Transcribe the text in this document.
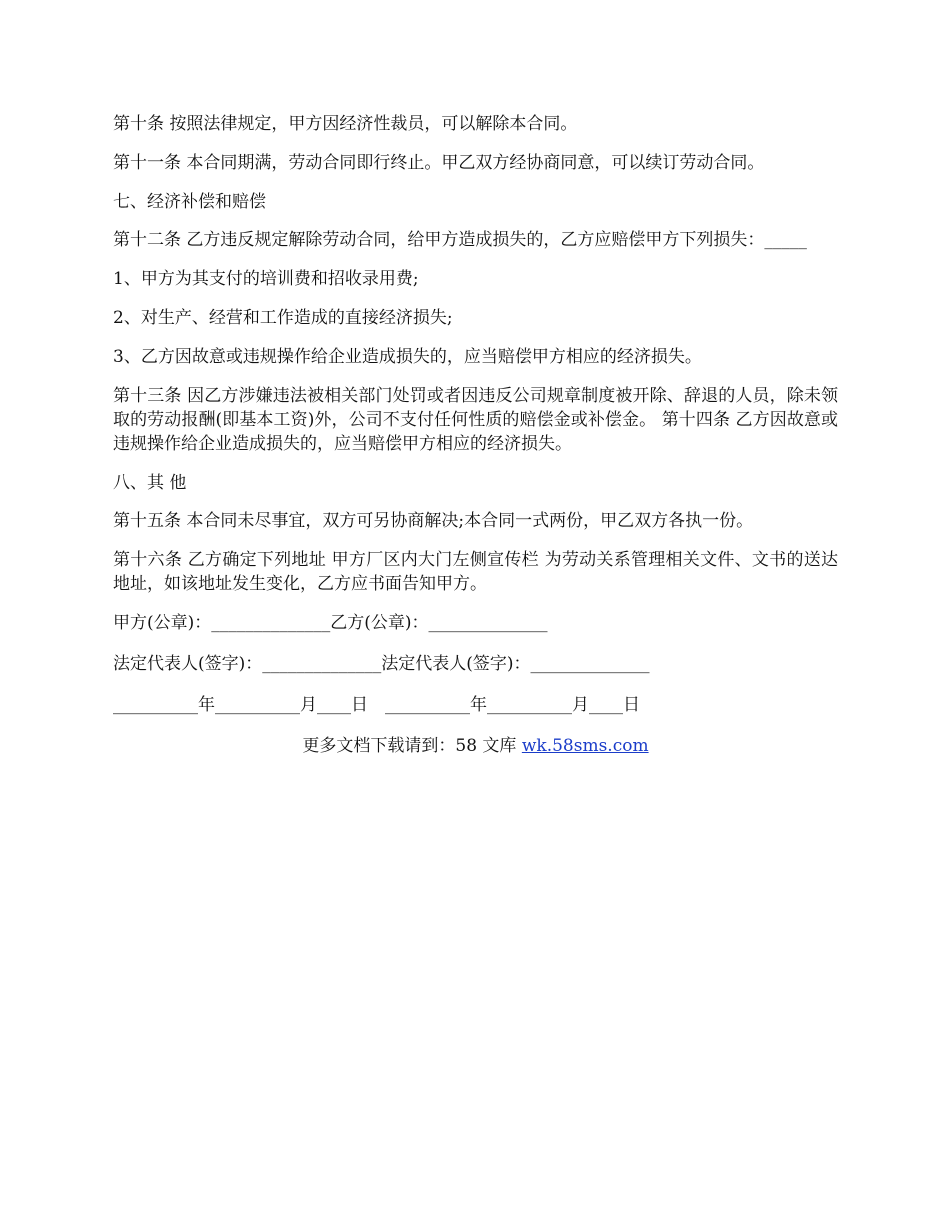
第十条 按照法律规定，甲方因经济性裁员，可以解除本合同。

第十一条 本合同期满，劳动合同即行终止。甲乙双方经协商同意，可以续订劳动合同。

七、经济补偿和赔偿

第十二条 乙方违反规定解除劳动合同，给甲方造成损失的，乙方应赔偿甲方下列损失：_____

1、甲方为其支付的培训费和招收录用费;

2、对生产、经营和工作造成的直接经济损失;

3、乙方因故意或违规操作给企业造成损失的，应当赔偿甲方相应的经济损失。

第十三条 因乙方涉嫌违法被相关部门处罚或者因违反公司规章制度被开除、辞退的人员，除未领取的劳动报酬(即基本工资)外，公司不支付任何性质的赔偿金或补偿金。 第十四条 乙方因故意或违规操作给企业造成损失的，应当赔偿甲方相应的经济损失。

八、其 他

第十五条 本合同未尽事宜，双方可另协商解决;本合同一式两份，甲乙双方各执一份。

第十六条 乙方确定下列地址 甲方厂区内大门左侧宣传栏 为劳动关系管理相关文件、文书的送达地址，如该地址发生变化，乙方应书面告知甲方。

甲方(公章)：______________乙方(公章)：______________

法定代表人(签字)：______________法定代表人(签字)：______________

__________年__________月____日　__________年__________月____日

更多文档下载请到：58 文库 wk.58sms.com
